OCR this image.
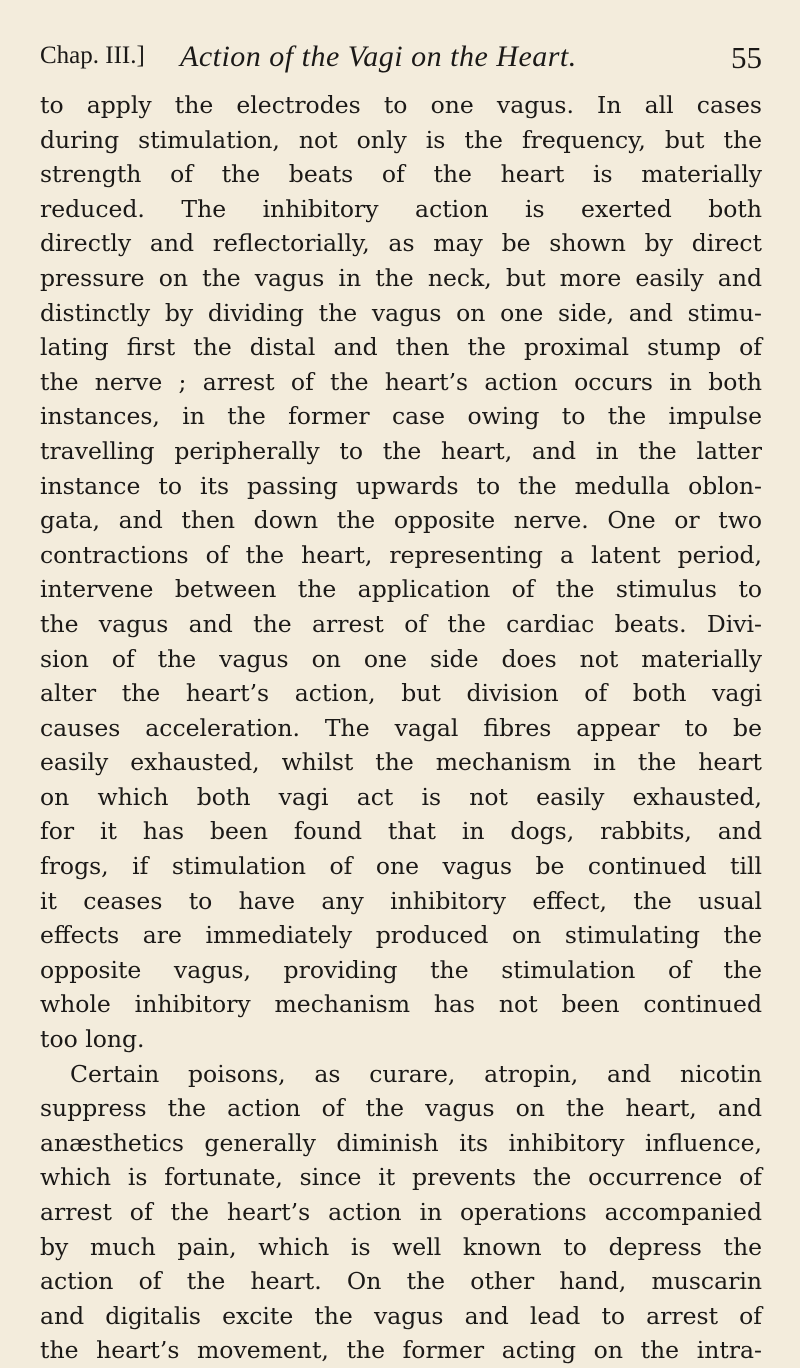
Chap. III.] Action of the Vagi on the Heart.	55
to apply the electrodes to one vagus. In all cases
during stimulation, not only is the frequency, but the
strength of the beats of the heart is materially
reduced. The inhibitory action is exerted both
directly and reflectorially, as may be shown by direct
pressure on the vagus in the neck, but more easily and
distinctly by dividing the vagus on one side, and stimu-
lating first the distal and then the proximal stump of
the nerve ; arrest of the heart’s action occurs in both
instances, in the former case owing to the impulse
travelling peripherally to the heart, and in the latter
instance to its passing upwards to the medulla oblon-
gata, and then down the opposite nerve. One or two
contractions of the heart, representing a latent period,
intervene between the application of the stimulus to
the vagus and the arrest of the cardiac beats. Divi-
sion of the vagus on one side does not materially
alter the heart’s action, but division of both vagi
causes acceleration. The vagal fibres appear to be
easily exhausted, whilst the mechanism in the heart
on which both vagi act is not easily exhausted,
for it has been found that in dogs, rabbits, and
frogs, if stimulation of one vagus be continued till
it ceases to have any inhibitory effect, the usual
effects are immediately produced on stimulating the
opposite vagus, providing the stimulation of the
whole inhibitory mechanism has not been continued
too long.
Certain poisons, as curare, atropin, and nicotin
suppress the action of the vagus on the heart, and
anæsthetics generally diminish its inhibitory influence,
which is fortunate, since it prevents the occurrence of
arrest of the heart’s action in operations accompanied
by much pain, which is well known to depress the
action of the heart. On the other hand, muscarin
and digitalis excite the vagus and lead to arrest of
the heart’s movement, the former acting on the intra-
